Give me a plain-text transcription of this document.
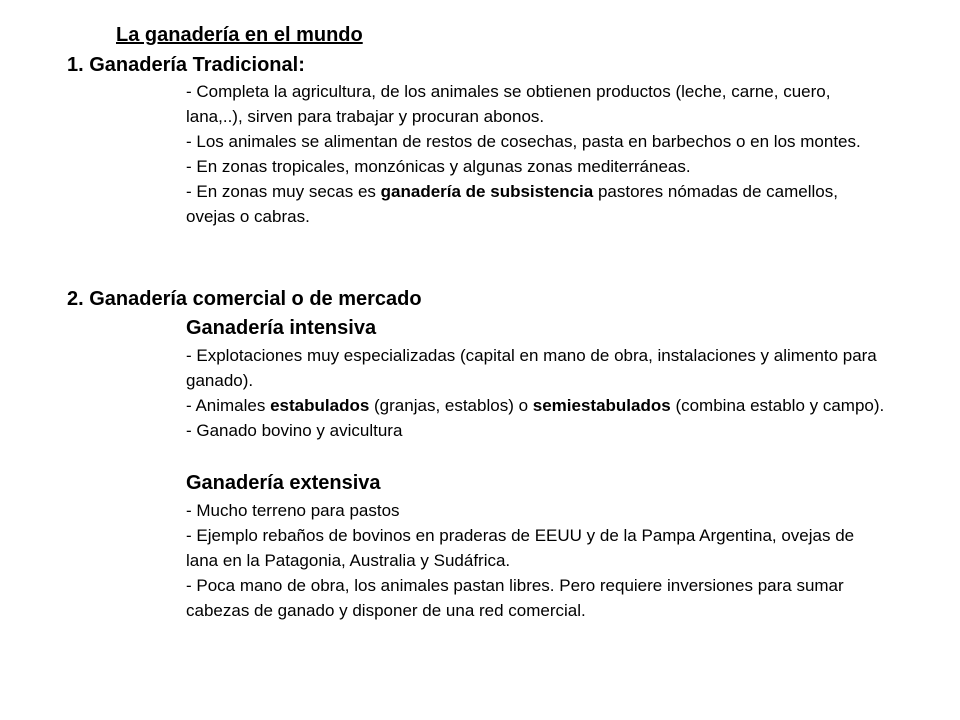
La ganadería en el mundo
1. Ganadería Tradicional:

- Completa la agricultura, de los animales se obtienen productos (leche, carne, cuero, lana,..), sirven para trabajar y procuran abonos.

- Los animales se alimentan de restos de cosechas, pasta en barbechos o en los montes.

- En zonas tropicales, monzónicas y algunas zonas mediterráneas.

- En zonas muy secas es ganadería de subsistencia pastores nómadas de camellos, ovejas o cabras.

2. Ganadería comercial o de mercado
Ganadería intensiva

- Explotaciones muy especializadas (capital en mano de obra, instalaciones y alimento para ganado).

- Animales estabulados (granjas, establos) o semiestabulados (combina establo y campo).

- Ganado bovino y avicultura

Ganadería extensiva

- Mucho terreno para pastos

- Ejemplo rebaños de bovinos en praderas de EEUU y de la Pampa Argentina, ovejas de lana en la Patagonia, Australia y Sudáfrica.

- Poca mano de obra, los animales pastan libres. Pero requiere inversiones para sumar cabezas de ganado y disponer de una red comercial.
